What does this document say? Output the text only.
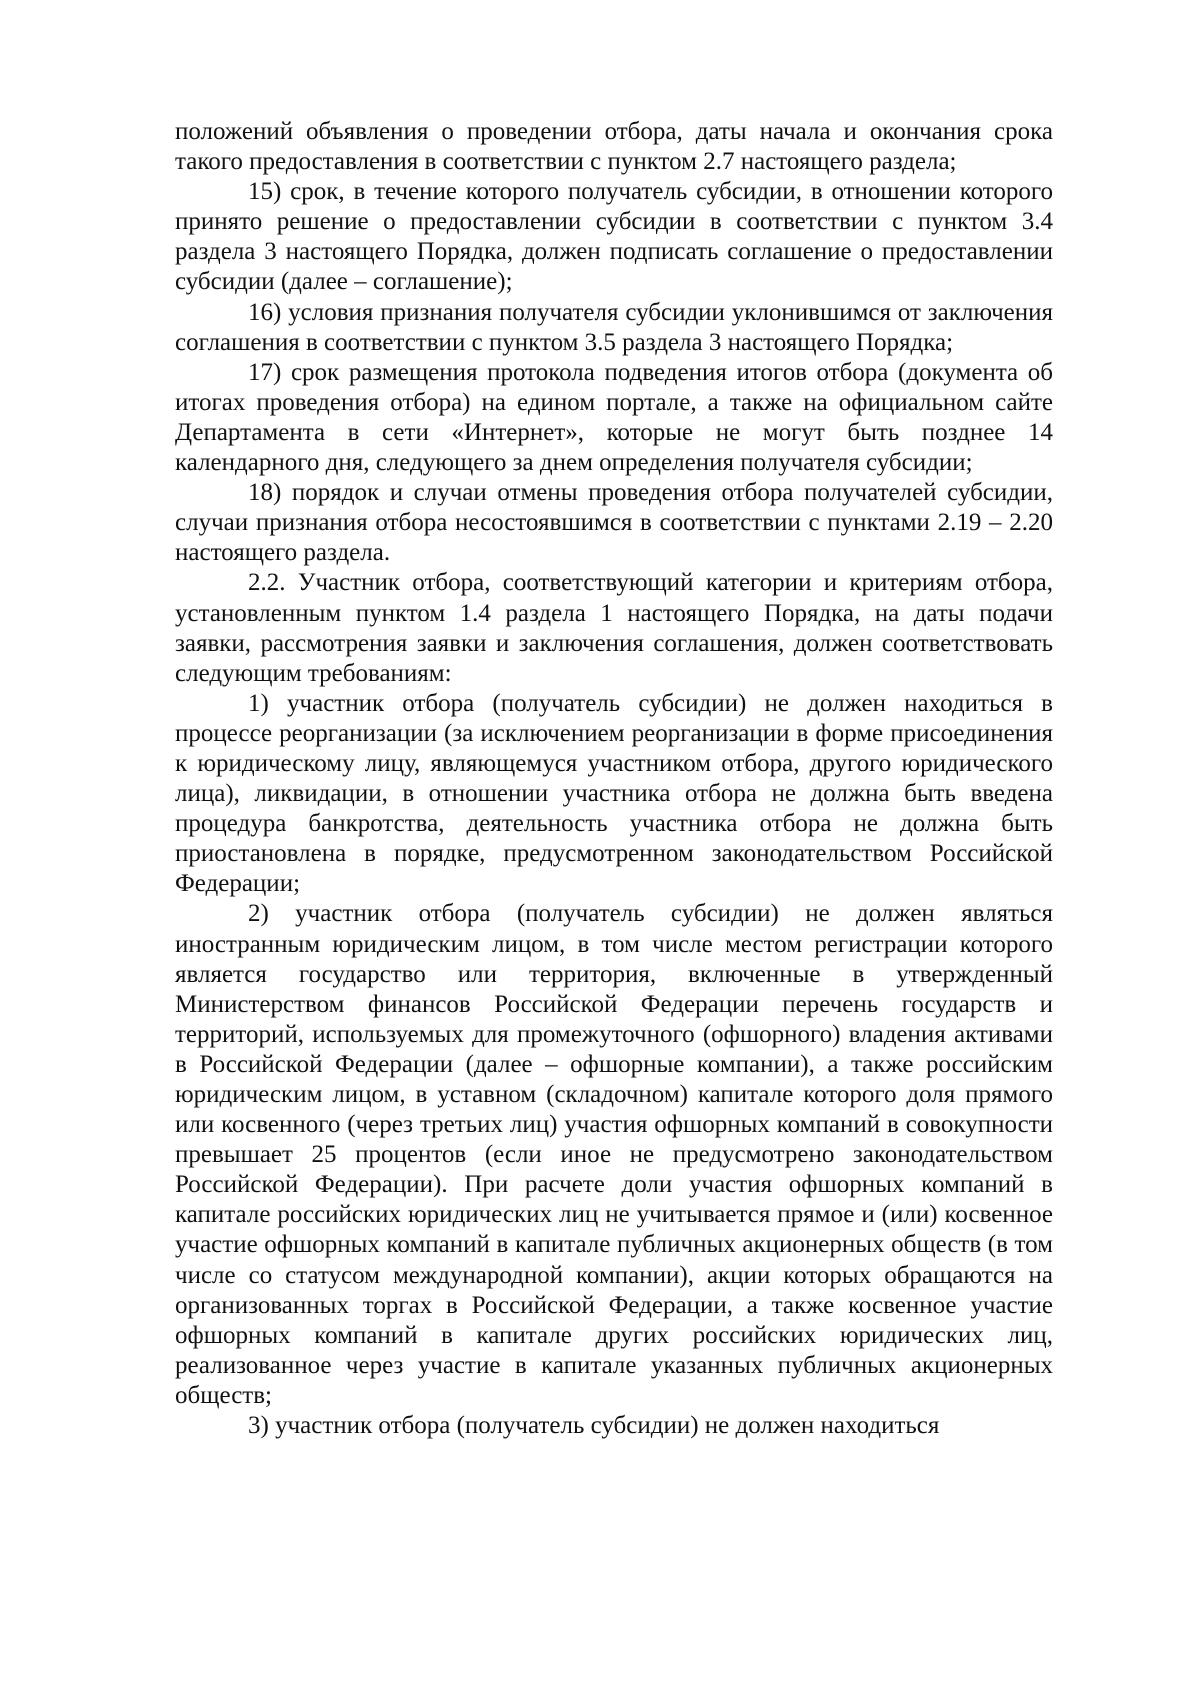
положений объявления о проведении отбора, даты начала и окончания срока такого предоставления в соответствии с пунктом 2.7 настоящего раздела;

15) срок, в течение которого получатель субсидии, в отношении которого принято решение о предоставлении субсидии в соответствии с пунктом 3.4 раздела 3 настоящего Порядка, должен подписать соглашение о предоставлении субсидии (далее – соглашение);

16) условия признания получателя субсидии уклонившимся от заключения соглашения в соответствии с пунктом 3.5 раздела 3 настоящего Порядка;

17) срок размещения протокола подведения итогов отбора (документа об итогах проведения отбора) на едином портале, а также на официальном сайте Департамента в сети «Интернет», которые не могут быть позднее 14 календарного дня, следующего за днем определения получателя субсидии;

18) порядок и случаи отмены проведения отбора получателей субсидии, случаи признания отбора несостоявшимся в соответствии с пунктами 2.19 – 2.20 настоящего раздела.

2.2. Участник отбора, соответствующий категории и критериям отбора, установленным пунктом 1.4 раздела 1 настоящего Порядка, на даты подачи заявки, рассмотрения заявки и заключения соглашения, должен соответствовать следующим требованиям:

1) участник отбора (получатель субсидии) не должен находиться в процессе реорганизации (за исключением реорганизации в форме присоединения к юридическому лицу, являющемуся участником отбора, другого юридического лица), ликвидации, в отношении участника отбора не должна быть введена процедура банкротства, деятельность участника отбора не должна быть приостановлена в порядке, предусмотренном законодательством Российской Федерации;

2) участник отбора (получатель субсидии) не должен являться иностранным юридическим лицом, в том числе местом регистрации которого является государство или территория, включенные в утвержденный Министерством финансов Российской Федерации перечень государств и территорий, используемых для промежуточного (офшорного) владения активами в Российской Федерации (далее – офшорные компании), а также российским юридическим лицом, в уставном (складочном) капитале которого доля прямого или косвенного (через третьих лиц) участия офшорных компаний в совокупности превышает 25 процентов (если иное не предусмотрено законодательством Российской Федерации). При расчете доли участия офшорных компаний в капитале российских юридических лиц не учитывается прямое и (или) косвенное участие офшорных компаний в капитале публичных акционерных обществ (в том числе со статусом международной компании), акции которых обращаются на организованных торгах в Российской Федерации, а также косвенное участие офшорных компаний в капитале других российских юридических лиц, реализованное через участие в капитале указанных публичных акционерных обществ;

3) участник отбора (получатель субсидии) не должен находиться
